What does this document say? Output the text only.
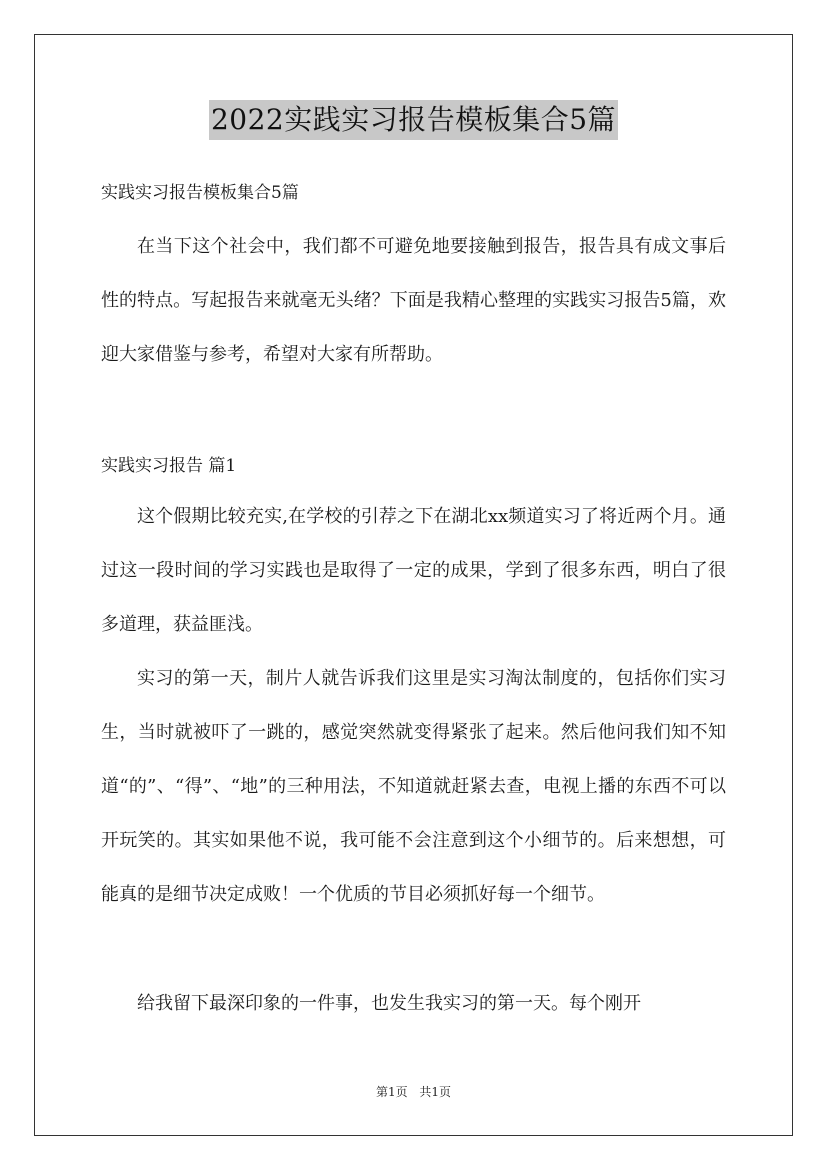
2022实践实习报告模板集合5篇
实践实习报告模板集合5篇

在当下这个社会中，我们都不可避免地要接触到报告，报告具有成文事后性的特点。写起报告来就毫无头绪？下面是我精心整理的实践实习报告5篇，欢迎大家借鉴与参考，希望对大家有所帮助。

实践实习报告 篇1

这个假期比较充实,在学校的引荐之下在湖北xx频道实习了将近两个月。通过这一段时间的学习实践也是取得了一定的成果，学到了很多东西，明白了很多道理，获益匪浅。

实习的第一天，制片人就告诉我们这里是实习淘汰制度的，包括你们实习生，当时就被吓了一跳的，感觉突然就变得紧张了起来。然后他问我们知不知道“的”、“得”、“地”的三种用法，不知道就赶紧去查，电视上播的东西不可以开玩笑的。其实如果他不说，我可能不会注意到这个小细节的。后来想想，可能真的是细节决定成败！一个优质的节目必须抓好每一个细节。

给我留下最深印象的一件事，也发生我实习的第一天。每个刚开

第1页 共1页
